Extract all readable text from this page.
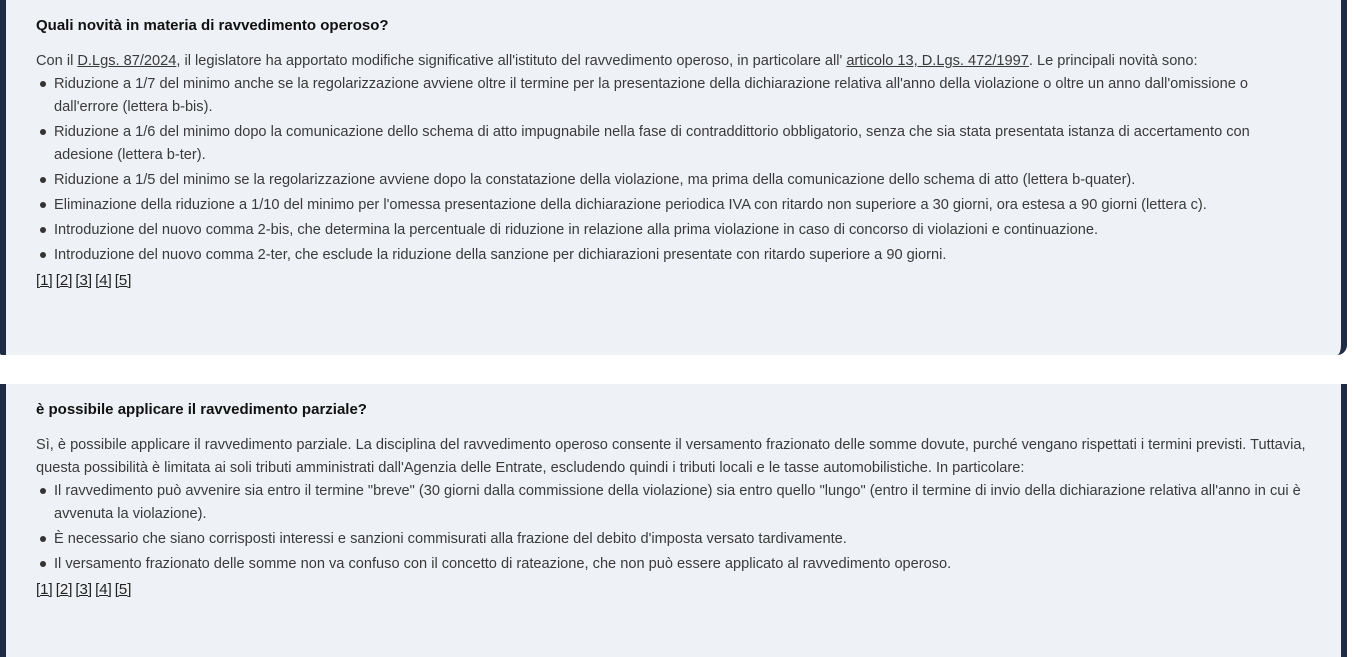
Quali novità in materia di ravvedimento operoso?

Con il D.Lgs. 87/2024, il legislatore ha apportato modifiche significative all'istituto del ravvedimento operoso, in particolare all' articolo 13, D.Lgs. 472/1997. Le principali novità sono:

Riduzione a 1/7 del minimo anche se la regolarizzazione avviene oltre il termine per la presentazione della dichiarazione relativa all'anno della violazione o oltre un anno dall'omissione o dall'errore (lettera b-bis).
Riduzione a 1/6 del minimo dopo la comunicazione dello schema di atto impugnabile nella fase di contraddittorio obbligatorio, senza che sia stata presentata istanza di accertamento con adesione (lettera b-ter).
Riduzione a 1/5 del minimo se la regolarizzazione avviene dopo la constatazione della violazione, ma prima della comunicazione dello schema di atto (lettera b-quater).
Eliminazione della riduzione a 1/10 del minimo per l'omessa presentazione della dichiarazione periodica IVA con ritardo non superiore a 30 giorni, ora estesa a 90 giorni (lettera c).
Introduzione del nuovo comma 2-bis, che determina la percentuale di riduzione in relazione alla prima violazione in caso di concorso di violazioni e continuazione.
Introduzione del nuovo comma 2-ter, che esclude la riduzione della sanzione per dichiarazioni presentate con ritardo superiore a 90 giorni.
[1] [2] [3] [4] [5]
è possibile applicare il ravvedimento parziale?

Sì, è possibile applicare il ravvedimento parziale. La disciplina del ravvedimento operoso consente il versamento frazionato delle somme dovute, purché vengano rispettati i termini previsti. Tuttavia, questa possibilità è limitata ai soli tributi amministrati dall'Agenzia delle Entrate, escludendo quindi i tributi locali e le tasse automobilistiche. In particolare:

Il ravvedimento può avvenire sia entro il termine "breve" (30 giorni dalla commissione della violazione) sia entro quello "lungo" (entro il termine di invio della dichiarazione relativa all'anno in cui è avvenuta la violazione).
È necessario che siano corrisposti interessi e sanzioni commisurati alla frazione del debito d'imposta versato tardivamente.
Il versamento frazionato delle somme non va confuso con il concetto di rateazione, che non può essere applicato al ravvedimento operoso.
[1] [2] [3] [4] [5]
